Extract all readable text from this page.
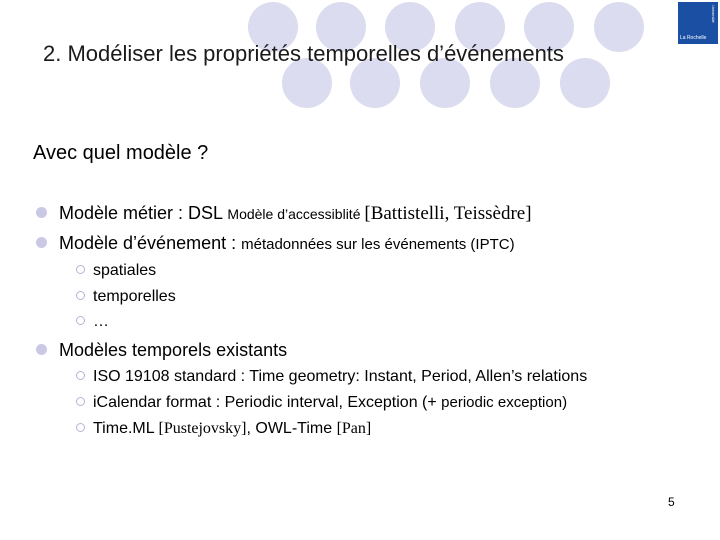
Université
La Rochelle
2. Modéliser les propriétés temporelles d’événements
Avec quel modèle ?
Modèle métier : DSL Modèle d’accessiblité [Battistelli, Teissèdre]
Modèle d’événement : métadonnées sur les événements (IPTC)
spatiales
temporelles
…
Modèles temporels existants
ISO 19108 standard : Time geometry: Instant, Period, Allen’s relations
iCalendar format : Periodic interval, Exception (+ periodic exception)
Time.ML [Pustejovsky], OWL-Time [Pan]
5
